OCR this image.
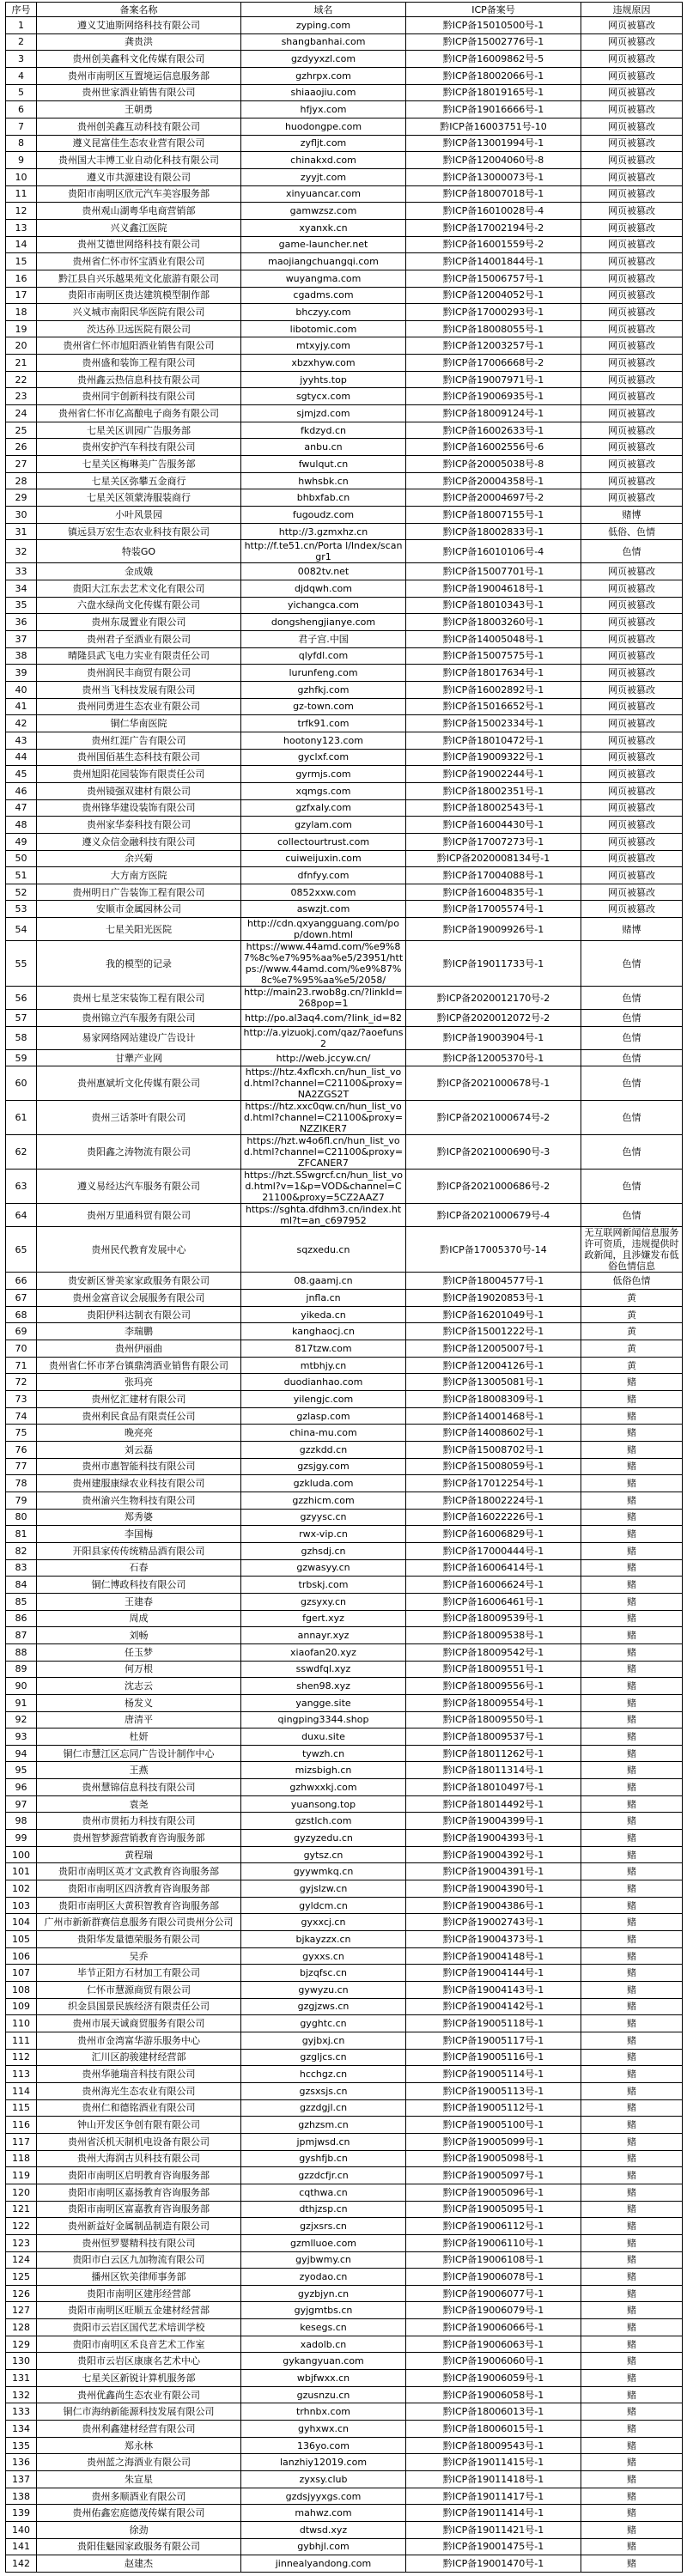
序号	备案名称	域名	ICP备案号	违规原因
1	遵义艾迪斯网络科技有限公司	zyping.com	黔ICP备15010500号-1	网页被篡改
2	龚贵洪	shangbanhai.com	黔ICP备15002776号-1	网页被篡改
3	贵州创美鑫科文化传媒有限公司	gzdyyxzl.com	黔ICP备16009862号-5	网页被篡改
4	贵州市南明区互置境运信息服务部	gzhrpx.com	黔ICP备18002066号-1	网页被篡改
5	贵州世家酒业销售有限公司	shiaaojiu.com	黔ICP备18019165号-1	网页被篡改
6	王朝勇	hfjyx.com	黔ICP备19016666号-1	网页被篡改
7	贵州创美鑫互动科技有限公司	huodongpe.com	黔ICP备16003751号-10	网页被篡改
8	遵义昆富佳生态农业营有限公司	zyfljt.com	黔ICP备13001994号-1	网页被篡改
9	贵州国大丰博工业自动化科技有限公司	chinakxd.com	黔ICP备12004060号-8	网页被篡改
10	遵义市共源建设有限公司	zyyjt.com	黔ICP备13000073号-1	网页被篡改
11	贵阳市南明区欣元汽车美容服务部	xinyuancar.com	黔ICP备18007018号-1	网页被篡改
12	贵州观山湖粤华电商营销部	gamwzsz.com	黔ICP备16010028号-4	网页被篡改
13	兴义鑫江医院	xyanxk.cn	黔ICP备17002194号-2	网页被篡改
14	贵州艾德世网络科技有限公司	game-launcher.net	黔ICP备16001559号-2	网页被篡改
15	贵州省仁怀市怀宝酒业有限公司	maojiangchuangqi.com	黔ICP备14001844号-1	网页被篡改
16	黔江县自兴乐越果苑文化旅游有限公司	wuyangma.com	黔ICP备15006757号-1	网页被篡改
17	贵阳市南明区贵达建筑模型制作部	cgadms.com	黔ICP备12004052号-1	网页被篡改
18	兴义城市南阳民华医院有限公司	bhczyy.com	黔ICP备17000293号-1	网页被篡改
19	茨达孙卫远医院有限公司	libotomic.com	黔ICP备18008055号-1	网页被篡改
20	贵州省仁怀市旭阳酒业销售有限公司	mtxyjy.com	黔ICP备12003257号-1	网页被篡改
21	贵州盛和装饰工程有限公司	xbzxhyw.com	黔ICP备17006668号-2	网页被篡改
22	贵州鑫云热信息科技有限公司	jyyhts.top	黔ICP备19007971号-1	网页被篡改
23	贵州同宇创新科技有限公司	sgtycx.com	黔ICP备19006935号-1	网页被篡改
24	贵州省仁怀市亿高酿电子商务有限公司	sjmjzd.com	黔ICP备18009124号-1	网页被篡改
25	七星关区训园广告服务部	fkdzyd.cn	黔ICP备16002633号-1	网页被篡改
26	贵州安护汽车科技有限公司	anbu.cn	黔ICP备16002556号-6	网页被篡改
27	七星关区梅琳美广告服务部	fwulqut.cn	黔ICP备20005038号-8	网页被篡改
28	七星关区弥攀五金商行	hwhsbk.cn	黔ICP备20004358号-1	网页被篡改
29	七星关区领蒙涛服装商行	bhbxfab.cn	黔ICP备20004697号-2	网页被篡改
30	小叶风景园	fugoudz.com	黔ICP备18007155号-1	赌博
31	镇远县万宏生态农业科技有限公司	http://3.gzmxhz.cn	黔ICP备18002833号-1	低俗、色情
32	特装GO	http://f.te51.cn/Porta l/Index/scangr1	黔ICP备16010106号-4	色情
33	金成娥	0082tv.net	黔ICP备15007701号-1	网页被篡改
34	贵阳大江东去艺术文化有限公司	djdqwh.com	黔ICP备19004618号-1	网页被篡改
35	六盘水绿尚文化传媒有限公司	yichangca.com	黔ICP备18010343号-1	网页被篡改
36	贵州东晟置业有限公司	dongshengjianye.com	黔ICP备18003260号-1	网页被篡改
37	贵州君子至酒业有限公司	君子宫.中国	黔ICP备14005048号-1	网页被篡改
38	晴隆县武飞电力实业有限责任公司	qlyfdl.com	黔ICP备15007575号-1	网页被篡改
39	贵州润民丰商贸有限公司	lurunfeng.com	黔ICP备18017634号-1	网页被篡改
40	贵州当飞科技发展有限公司	gzhfkj.com	黔ICP备16002892号-1	网页被篡改
41	贵州同勇进生态农业有限公司	gz-town.com	黔ICP备15016652号-1	网页被篡改
42	铜仁华南医院	trfk91.com	黔ICP备15002334号-1	网页被篡改
43	贵州红涯广告有限公司	hootony123.com	黔ICP备18010472号-1	网页被篡改
44	贵州国佰基生态科技有限公司	gyclxf.com	黔ICP备19009322号-1	网页被篡改
45	贵州旭阳花园装饰有限责任公司	gyrmjs.com	黔ICP备19002244号-1	网页被篡改
46	贵州镜强双建材有限公司	xqmgs.com	黔ICP备18002351号-1	网页被篡改
47	贵州锋华建设装饰有限公司	gzfxaly.com	黔ICP备18002543号-1	网页被篡改
48	贵州家华泰科技有限公司	gzylam.com	黔ICP备16004430号-1	网页被篡改
49	遵义众信金融科技有限公司	collectourtrust.com	黔ICP备17007273号-1	网页被篡改
50	余兴菊	cuiweijuxin.com	黔ICP备2020008134号-1	网页被篡改
51	大方南方医院	dfnfyy.com	黔ICP备17004088号-1	网页被篡改
52	贵州明日广告装饰工程有限公司	0852xxw.com	黔ICP备16004835号-1	网页被篡改
53	安顺市金属园林公司	aswzjt.com	黔ICP备17005574号-1	网页被篡改
54	七星关阳光医院	http://cdn.qxyangguang.com/pop/down.html	黔ICP备19009926号-1	赌博
55	我的模型的记录	https://www.44amd.com/%e9%87%8c%e7%95%aa%e5/23951/https://www.44amd.com/%e9%87%8c%e7%95%aa%e5/2058/	黔ICP备19011733号-1	色情
56	贵州七星芝宋装饰工程有限公司	http://main23.rwob8g.cn/?linkId=268pop=1	黔ICP备2020012170号-2	色情
57	贵州锦立汽车服务有限公司	http://po.al3aq4.com/?link_id=82	黔ICP备2020012072号-2	色情
58	易家网络网站建设广告设计	http://a.yizuokj.com/qaz/?aoefuns2	黔ICP备19003904号-1	色情
59	甘犟产业网	http://web.jccyw.cn/	黔ICP备12005370号-1	色情
60	贵州惠斌圻文化传媒有限公司	https://htz.4xflcxh.cn/hun_list_vod.html?channel=C21100&proxy=NA2ZGS2T	黔ICP备2021000678号-1	色情
61	贵州三话茶叶有限公司	https://htz.xxc0qw.cn/hun_list_vod.html?channel=C21100&proxy=NZZIKER7	黔ICP备2021000674号-2	色情
62	贵阳鑫之涛物流有限公司	https://hzt.w4o6fl.cn/hun_list_vod.html?channel=C21100&proxy=ZFCANER7	黔ICP备2021000690号-3	色情
63	遵义易经达汽车服务有限公司	https://hzt.SSwgrcf.cn/hun_list_vod.html?v=1&p=VOD&channel=C21100&proxy=5CZ2AAZ7	黔ICP备2021000686号-2	色情
64	贵州万里通科贸有限公司	https://sghta.dfdhm3.cn/index.html?t=an_c697952	黔ICP备2021000679号-4	色情
65	贵州民代教育发展中心	sqzxedu.cn	黔ICP备17005370号-14	无互联网新闻信息服务许可资质，违规提供时政新闻，且涉嫌发布低俗色情信息
66	贵安新区誉美家家政服务有限公司	08.gaamj.cn	黔ICP备18004577号-1	低俗色情
67	贵州金富音议会展服务有限公司	jnfla.cn	黔ICP备19020853号-1	黄
68	贵阳伊科达制衣有限公司	yikeda.cn	黔ICP备16201049号-1	黄
69	李瑞鹏	kanghaocj.cn	黔ICP备15001222号-1	黄
70	贵州伊丽曲	817tzw.com	黔ICP备12005007号-1	黄
71	贵州省仁怀市茅台镇鼎湾酒业销售有限公司	mtbhjy.cn	黔ICP备12004126号-1	黄
72	张玛亮	duodianhao.com	黔ICP备13005081号-1	赌
73	贵州忆汇建材有限公司	yilengjc.com	黔ICP备18008309号-1	赌
74	贵州利民食品有限责任公司	gzlasp.com	黔ICP备14001468号-1	赌
75	晚亮亮	china-mu.com	黔ICP备14008602号-1	赌
76	刘云磊	gzzkdd.cn	黔ICP备15008702号-1	赌
77	贵州市惠智能科技有限公司	gzsjgy.com	黔ICP备15008059号-1	赌
78	贵州建服康绿农业科技有限公司	gzkluda.com	黔ICP备17012254号-1	赌
79	贵州渝兴生物科技有限公司	gzzhicm.com	黔ICP备18002224号-1	赌
80	郑秀婆	gzyysc.cn	黔ICP备16022226号-1	赌
81	李国梅	rwx-vip.cn	黔ICP备16006829号-1	赌
82	开阳县家传传统精品酒有限公司	gzhsdj.cn	黔ICP备17000444号-1	赌
83	石春	gzwasyy.cn	黔ICP备16006414号-1	赌
84	铜仁博政科技有限公司	trbskj.com	黔ICP备16006624号-1	赌
85	王建春	gzsyxy.cn	黔ICP备16006461号-1	赌
86	周成	fgert.xyz	黔ICP备18009539号-1	赌
87	刘畅	annayr.xyz	黔ICP备18009538号-1	赌
88	任玉梦	xiaofan20.xyz	黔ICP备18009542号-1	赌
89	何万根	sswdfql.xyz	黔ICP备18009551号-1	赌
90	沈志云	shen98.xyz	黔ICP备18009556号-1	赌
91	杨发义	yangge.site	黔ICP备18009554号-1	赌
92	唐清平	qingping3344.shop	黔ICP备18009550号-1	赌
93	杜妍	duxu.site	黔ICP备18009537号-1	赌
94	铜仁市慧江区忘同广告设计制作中心	tywzh.cn	黔ICP备18011262号-1	赌
95	王燕	mizsbigh.cn	黔ICP备18011314号-1	赌
96	贵州慧锦信息科技有限公司	gzhwxxkj.com	黔ICP备18010497号-1	赌
97	袁尧	yuansong.top	黔ICP备18014492号-1	赌
98	贵州市贯拓力科技有限公司	gzstlch.com	黔ICP备19004399号-1	赌
99	贵州智梦源营销教育咨询服务部	gyzyzedu.cn	黔ICP备19004393号-1	赌
100	黄程瑞	gytsz.cn	黔ICP备19004392号-1	赌
101	贵阳市南明区英才文武教育咨询服务部	gyywmkq.cn	黔ICP备19004391号-1	赌
102	贵阳市南明区四济教育咨询服务部	gyjslzw.cn	黔ICP备19004390号-1	赌
103	贵阳市南明区大黄积智教育咨询服务部	gyldcm.cn	黔ICP备19004386号-1	赌
104	广州市新新群赛信息服务有限公司贵州分公司	gyxxcj.cn	黔ICP备19002743号-1	赌
105	贵阳华发量德荣服务有限公司	bjkayzzx.cn	黔ICP备19004373号-1	赌
106	吴乔	gyxxs.cn	黔ICP备19004148号-1	赌
107	毕节正阳方石材加工有限公司	bjzqfsc.cn	黔ICP备19004144号-1	赌
108	仁怀市慧源商贸有限公司	gywyzu.cn	黔ICP备19004143号-1	赌
109	织金县国景民族经济有限责任公司	gzgjzws.cn	黔ICP备19004142号-1	赌
110	贵州市展天诚商贸服务有限公司	gyghtc.cn	黔ICP备19005118号-1	赌
111	贵州市金湾富华游乐服务中心	gyjbxj.cn	黔ICP备19005117号-1	赌
112	汇川区韵骏建材经营部	gzgljcs.cn	黔ICP备19005116号-1	赌
113	贵州华驰瑞音科技有限公司	hcchgz.cn	黔ICP备19005114号-1	赌
114	贵州海光生态农业有限公司	gzsxsjs.cn	黔ICP备19005113号-1	赌
115	贵州仁和德铭酒业有限公司	gzzdgjl.cn	黔ICP备19005112号-1	赌
116	钟山开发区争创有限有限公司	gzhzsm.cn	黔ICP备19005100号-1	赌
117	贵州省沃机天制机电设备有限公司	jpmjwsd.cn	黔ICP备19005099号-1	赌
118	贵州大海润古贝科技有限公司	gyshfjb.cn	黔ICP备19005098号-1	赌
119	贵阳市南明区启明教育咨询服务部	gzzdcfjr.cn	黔ICP备19005097号-1	赌
120	贵阳市南明区嘉扬教育咨询服务部	cqthwa.cn	黔ICP备19005096号-1	赌
121	贵阳市南明区富嘉教育咨询服务部	dthjzsp.cn	黔ICP备19005095号-1	赌
122	贵州新益好金属制品制造有限公司	gzjxsrs.cn	黔ICP备19006112号-1	赌
123	贵州恒罗婴精科技有限公司	gzmlluoe.com	黔ICP备19006110号-1	赌
124	贵阳市白云区九加物流有限公司	gyjbwmy.cn	黔ICP备19006108号-1	赌
125	播州区钦美律师事务部	zyodao.cn	黔ICP备19006078号-1	赌
126	贵阳市南明区建彤经营部	gyzbjyn.cn	黔ICP备19006077号-1	赌
127	贵阳市南明区旺顺五金建材经营部	gyjgmtbs.cn	黔ICP备19006079号-1	赌
128	贵阳市云岩区国代艺术培训学校	kesegs.cn	黔ICP备19006066号-1	赌
129	贵阳市南明区禾良音艺术工作室	xadolb.cn	黔ICP备19006063号-1	赌
130	贵阳市云岩区康康名艺术中心	gykangyuan.com	黔ICP备19006060号-1	赌
131	七星关区新锐计算机服务部	wbjfwxx.cn	黔ICP备19006059号-1	赌
132	贵州优鑫尚生态农业有限公司	gzusnzu.cn	黔ICP备19006058号-1	赌
133	铜仁市海纳新能源科技发展有限公司	trhnbx.com	黔ICP备18006013号-1	赌
134	贵州利鑫建材经营有限公司	gyhxwx.cn	黔ICP备18006015号-1	赌
135	郑永林	136yo.com	黔ICP备18009543号-1	赌
136	贵州蓝之海酒业有限公司	lanzhiy12019.com	黔ICP备19011415号-1	赌
137	朱宣星	zyxsy.club	黔ICP备19011418号-1	赌
138	贵州多顺酒业有限公司	gzdsjyyxgs.com	黔ICP备19011417号-1	赌
139	贵州佑鑫宏庭德茂传媒有限公司	mahwz.com	黔ICP备19011414号-1	赌
140	徐劲	dtwsd.xyz	黔ICP备19011421号-1	赌
141	贵阳佳魅园家政服务有限公司	gybhjl.com	黔ICP备19001475号-1	赌
142	赵建杰	jinnealyandong.com	黔ICP备19001470号-1	赌
